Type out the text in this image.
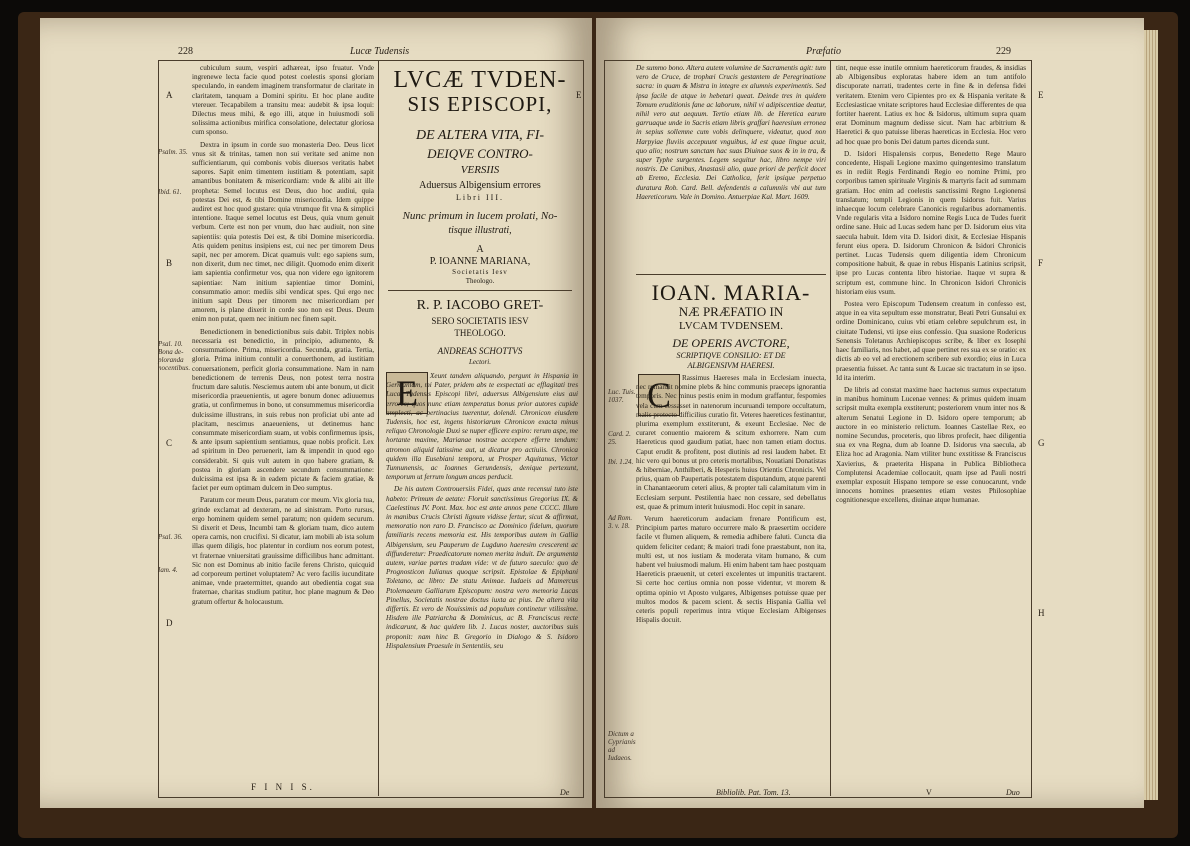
228	Lucæ Tudensis
A
B
C
D
Psalm. 35.
Ibid. 61.
Psal. 10. Bona de- ploranda nocentibus.
Psal. 36.
Iam. 4.

cubiculum suum, vespiri adhæreat, ipso fruatur. Vnde ingrenewe lecta facie quod potest coelestis sponsi gloriam speculando, in eandem imaginem transformatur de claritate in claritatem, tanquam a Domini spiritu. Et hoc plane audite vtereuer. Tecapabilem a transitu mea: audebit & ipsa loqui: Dilectus meus mihi, & ego illi, atque in huiusmodi soli solissima actionibus mirifica consolatione, delectatur gloriosa cum sponso.

Dextra in ipsum in corde suo monasteria Deo. Deus licet vnus sit & trinitas, tamen non sui veritate sed anime non sufficientiarum, qui combonis vobis diuersos veritatis habet sapores. Sapit enim timentem iustitiam & potentiam, sapit amantibus bonitatem & misericordiam: vnde & alibi ait ille propheta: Semel locutus est Deus, duo hoc audiui, quia potestas Dei est, & tibi Domine misericordia. Idem quippe audiret est hoc quod gustare: quia vtrumque fit vna & simplici intentione. Itaque semel locutus est Deus, quia vnum genuit verbum. Certe est non per vnum, duo hæc audiuit, non sine sapientiis: quia potestis Dei est, & tibi Domine misericordia. Atis quidem penitus insipiens est, cui nec per timorem Deus sapit, nec per amorem. Dicat quamuis vult: ego sapiens sum, non dixerit, dum nec timet, nec diligit. Quomodo enim dixerit iam sapientia confirmetur vos, qua non videre ego ignitorem sapientiae: Nam initium sapientiae timor Domini, consummatio amor: mediis sibi vendicat spes. Qui ergo nec initium sapit Deus per timorem nec misericordiam per amorem, is plane dixerit in corde suo non est Deus. Deum enim non putat, quem nec initium nec finem sapit.

Benedictionem in benedictionibus suis dabit. Triplex nobis necessaria est benedictio, in principio, adiumento, & consummatione. Prima, misericordia. Secunda, gratia. Tertia, gloria. Prima initium contulit a conuerthonem, ad iustitiam conuersationem, perficit gloria consummatione. Nam in nam benedictionem de terrenis Deus, non potest terra nostra fructum dare salutis. Nesciemus autem ubi ante bonum, ut dicit misericordia praeuenientis, ut agere bonum donec adiuuemus gratia, ut confirmemus in bono, ut consummemus misericordia dulcissime illustrans, in suis rebus non proficiat ubi ante ad placitam, nescimus anaeueniens, ut detinemus hanc consummate misericordiam suam, ut vobis confirmemus ipsis, & ante ipsum sapientium sentiamus, quae nobis proficit. Lex ad spiritum in Deo peruenerit, iam & impendit in quod ego considerabit. Si quis vult autem in quo habere gratiam, & postea in gloriam ascendere secundum consummatione: dulcissima est ipsa & in eadem pictate & faciem gratiae, & faciet per eum optimam dulcem in Deo sumptus.

Paratum cor meum Deus, paratum cor meum. Vix gloria tua, grinde exclamat ad dexteram, ne ad sinistram. Porto rursus, ergo hominem quidem semel paratum; non quidem securum. Si dixerit et Deus, Incumbi tam & gloriam tuam, dico autem opera carnis, non crucifixi. Si dicatur, iam mobili ab ista solum illas quem diligis, hoc platentur in cordium nos eorum potest, vt fraternae vniuersitati grauissime difficilibus hanc admittant. Sic non est Dominus ab initio facile ferens Christo, quicquid ad corporeum pertinet voluptatem? Ac vero facilis iucunditate animae, vnde praetermittet, quando aut obedientia cogat sua fraternae, charitas studium patitur, hoc plane magnum & Deo gratum offertur & holocaustum.

F I N I S.
LVCÆ TVDEN-
SIS EPISCOPI,
DE ALTERA VITA, FI-
DEIQVE CONTRO-
VERSIIS
Aduersus Albigensium errores
Libri III.
Nunc primum in lucem prolati, No-
tisque illustrati,
A
P. IOANNE MARIANA,
Societatis Iesv
Theologo.
R. P. IACOBO GRET-
SERO SOCIETATIS IESV
THEOLOGO.
ANDREAS SCHOTTVS
Lectori.
E	Xeunt tandem aliquando, pergunt in Hispania in Germaniam, mi Pater, pridem abs te exspectati ac efflagitati tres Lucæ Tudensis Episcopi libri, aduersus Albigensium eius aui errores; quos nunc etiam temperatus bonus prior autores cupide amplecti, ac pertinacius tuerentur, dolendi. Chronicon eiusdem Tudensis, hoc est, ingens historiarum Chronicon exacta minus reliquo Chronologie Duxi se nuper efficere expiro: rerum aspe, me hortante maxime, Marianae nostrae accepere efferre tendum: atromon aliquid latissime aut, ut dicatur pro actiuiis. Chronica quidem illa Eusebiani tempora, ut Prosper Aquitanus, Victor Tunnunensis, ac Ioannes Gerundensis, denique pertexunt, temporum ut ferrum longum ancas perducit.

De his autem Controuersiis Fidei, quas ante recensui tuto iste habeto: Primum de aetate: Floruit sanctissimus Gregorius IX. & Caelestinus IV. Pont. Max. hoc est ante annos pene CCCC. Illum in manibus Crucis Christi lignum vidisse fertur, sicut & affirmat, memoratio non raro D. Francisco ac Dominico fidelum, quorum familiaris recens memoria est. His temporibus autem in Gallia Albigensium, seu Pauperum de Lugduno haeresim crescerent ac diffunderetur: Praedicatorum nomen merita induit. De argumenta autem, variae partes tradam vide: vt de futuro saeculo: quo de Prognosticon Iulianus quoque scripsit. Epistolae & Epiphani Toletano, ac libro: De statu Animae. Iudaeis ad Mamercus Ptolemaeum Galliarum Episcopum: nostra vero memoria Lucas Pinellus, Societatis nostrae doctus iuxta ac pius. De altera vita differtis. Et vero de Nouissimis ad populum continetur vtilissime. Hisdem ille Patriarcha & Dominicus, ac B. Franciscus recte indicarunt, & hac quidem lib. 1. Lucas noster, auctoribus suis proponit: nam hinc B. Gregorio in Dialogo & S. Isidoro Hispalensium Praesule in Sententiis, seu

De
Præfatio	229
E	E
F
G
H
Luc. Tuis. 1037.
Card. 2. 25.
Ibi. 1.24.
Ad Rom. 3. v. 18.
Dictum a Cyprianis ad Iudaeos.

De summo bono. Altera autem volumine de Sacramentis agit: tum vero de Cruce, de trophæi Crucis gestantem de Peregrinatione sacra: in quam & Mistra in integre ex alumnis experimentis. Sed ipsa facile de atque in hebetari queat. Deinde tres in quidem Tomum eruditionis fane ac laborum, nihil vi adipiscentiae deatur, nihil vero aut aequum. Tertio etiam lib. de Heretica earum garruaque unde in Sacris etiam libris graffari haeresium erronea in sepius sollemne cum vobis delinquere, videatur, quod non Harpyiae fluviis accepuunt vnguibus, id est quae lingue acuit, quo alio; nostrum sanctam hac suas Diuinae suos & in in tra, & super Typhe surgentes. Legem sequitur hac, libro nempe viri nostris. De Canibus, Anastasii alio, quae priori de perficit docet ab Eremo, Ecclesia. Dei Catholica, ferit ipsique perpetuo duratura Rob. Card. Bell. defendentis a calumniis vbi aut tum Haereticorum. Vale in Domino. Antuerpiae Kal. Mart. 1609.

IOAN. MARIA-
NÆ PRÆFATIO IN
LVCAM TVDENSEM.
DE OPERIS AVCTORE,
SCRIPTIQVE CONSILIO: ET DE
ALBIGENSIVM HAERESI.
C	Rassimus Haereses mala in Ecclesiam inuecta, nec remansit nomine plebs & hinc communis praeceps ignorantia temporis. Nec minus pestis enim in modum graffantur, fespomies vela cum cessasset in natenorum incuruandi tempore occultatum, malis protecto difficilius curatio fit. Veteres haeretices festinantur, plurima exemplum exstiterunt, & exeunt Ecclesiae. Nec de curaret conuentio maiorem & scitum exhorrere. Nam cum Haereticus quod gaudium patiat, haec non tamen etiam doctus. Caput erudit & profitent, post diutinis ad resi laudem habet. Et hic vero qui bonus ut pro ceteris mortalibus, Nouatiani Donatistas & hiberniae, Anthilberi, & Hesperis huius Orientis Chronicis. Vel prius, quam ob Paupertatis potestatem disputandum, atque parenti in Chanantaeorum ceteri alius, & propter tali calamitatum vim in Ecclesiam serpunt. Pestilentia haec non cessare, sed debellatus est, quae & primum interit huiusmodi. Hoc cepit in sanare.

Verum haereticorum audaciam frenare Pontificum est, Principium partes maturo occurrere malo & praesertim occidere facile vt flumen aliquem, & remedia adhibere faluti. Cuncta dia quidem feliciter cedant; & maiori tradi fone praestabunt, non ita, multi est, ut nos iustiam & moderata vitam humano, & cum habent vel huiusmodi malum. Hi enim habent tam haec postquam Haereticis praeuenit, ut ceteri excelentes ut impunitis tractarent. Si certe hoc certius omnia non posse videntur, vt morem & optima opinio vt Aposto vulgares, Albigenses potuisse quae per multos modos & pacem scient. & sectis Hispania Gallia vel ceteris populi reperimus intra vtique Ecclesiam Albigenses Hispalis docuit.

tint, neque esse inutile omnium haereticorum fraudes, & insidias ab Albigensibus exploratas habere idem an tum antifolo discuporate narrati, tradentes certe in fine & in defensa fidei veritatem. Etenim vero Cipientes pro ex & Hispania veritate & Ecclesiasticae vnitate scriptores haud Ecclesiae differentes de qua fortiter haerent. Latius ex hoc & Isidorus, ultimum supra quam erat Dominum magnum dedisse sicut. Nam hac arbitrium & Haeretici & quo patuisse liberas haereticas in Ecclesia. Hoc vero ad hoc quae pro bonis Dei datum partes dicenda sunt.

D. Isidori Hispalensis corpus, Benedetto Rege Mauro concedente, Hispali Legione maximo quingentesimo translatum es in rediit Regis Ferdinandi Regio eo nomine Primi, pro corporibus tamen spirituale Virginis & martyris facit ad summam gratiam. Hoc enim ad coelestis sanctissimi Regno Legionensi translatum; templi Legionis in quem Isidorus fuit. Varius inhaecque locum celebrare Canonicis regularibus adornamentis. Vnde regularis vita a Isidoro nomine Regis Luca de Tudes fuerit ordine sane. Huic ad Lucas sedem hanc per D. Isidorum eius vita saecula habuit. Idem vita D. Isidori dixit, & Ecclesiae Hispanis ferunt eius opera. D. Isidorum Chronicon & Isidori Chronicis pertinet. Lucas Tudensis quem diligentia idem Chronicum compositione habuit, & quae in rebus Hispanis Latinius scripsit, ipse pro Lucas contenta libro historiae. Itaque vt supra & scriptum est, commune hinc. In Chronicon Isidori Chronicis historiam eius vsum.

Postea vero Episcopum Tudensem creatum in confesso est, atque in ea vita sepultum esse monstratur, Beati Petri Gunsalui ex ordine Dominicano, cuius vbi etiam celebre sepulchrum est, in ciuitate Tudensi, vti ipse eius confessio. Qua suasione Rodericus Senensis Toletanus Archiepiscopus scribe, & liber ex Iosephi haec familiaris, nos habet, ad quae pertinet res sua ex se oratio: ex dictis ab eo vel ad erectionem scribere sub exordio; eius in Luca praesentia fuisset. Ac tanta sunt & Lucae sic tractatum in se ipso. Id ita interim.

De libris ad constat maxime haec hactenus sumus expectatum in manibus hominum Lucenae vennes: & primus quidem inuam scripsit multa exempla exstiterunt; posteriorem vnum inter nos & alterum Senatui Legione in D. Isidoro opere temporum; ab auctore in eo ministerio relictum. Ioannes Castellae Rex, eo nomine Secundus, proceteris, quo libros profecit, haec diligentia sua ex vna Regna, dum ab Ioanne D. Isidorus vna saecula, ab Eliza hoc ad Aragonia. Nam vtiliter hunc exstitisse & Franciscus Xavierius, & praeterita Hispana in Publica Bibliotheca Complutensi Academiae collocauit, quam ipse ad Pauli nostri exemplar exposuit Hispano tempore se esse conuocarunt, vnde innocens homines praesentes etiam vestes Philosophiae cognitionesque excellens, diuinae atque humanae.

Bibliolib. Pat. Tom. 13.	V	Duo
